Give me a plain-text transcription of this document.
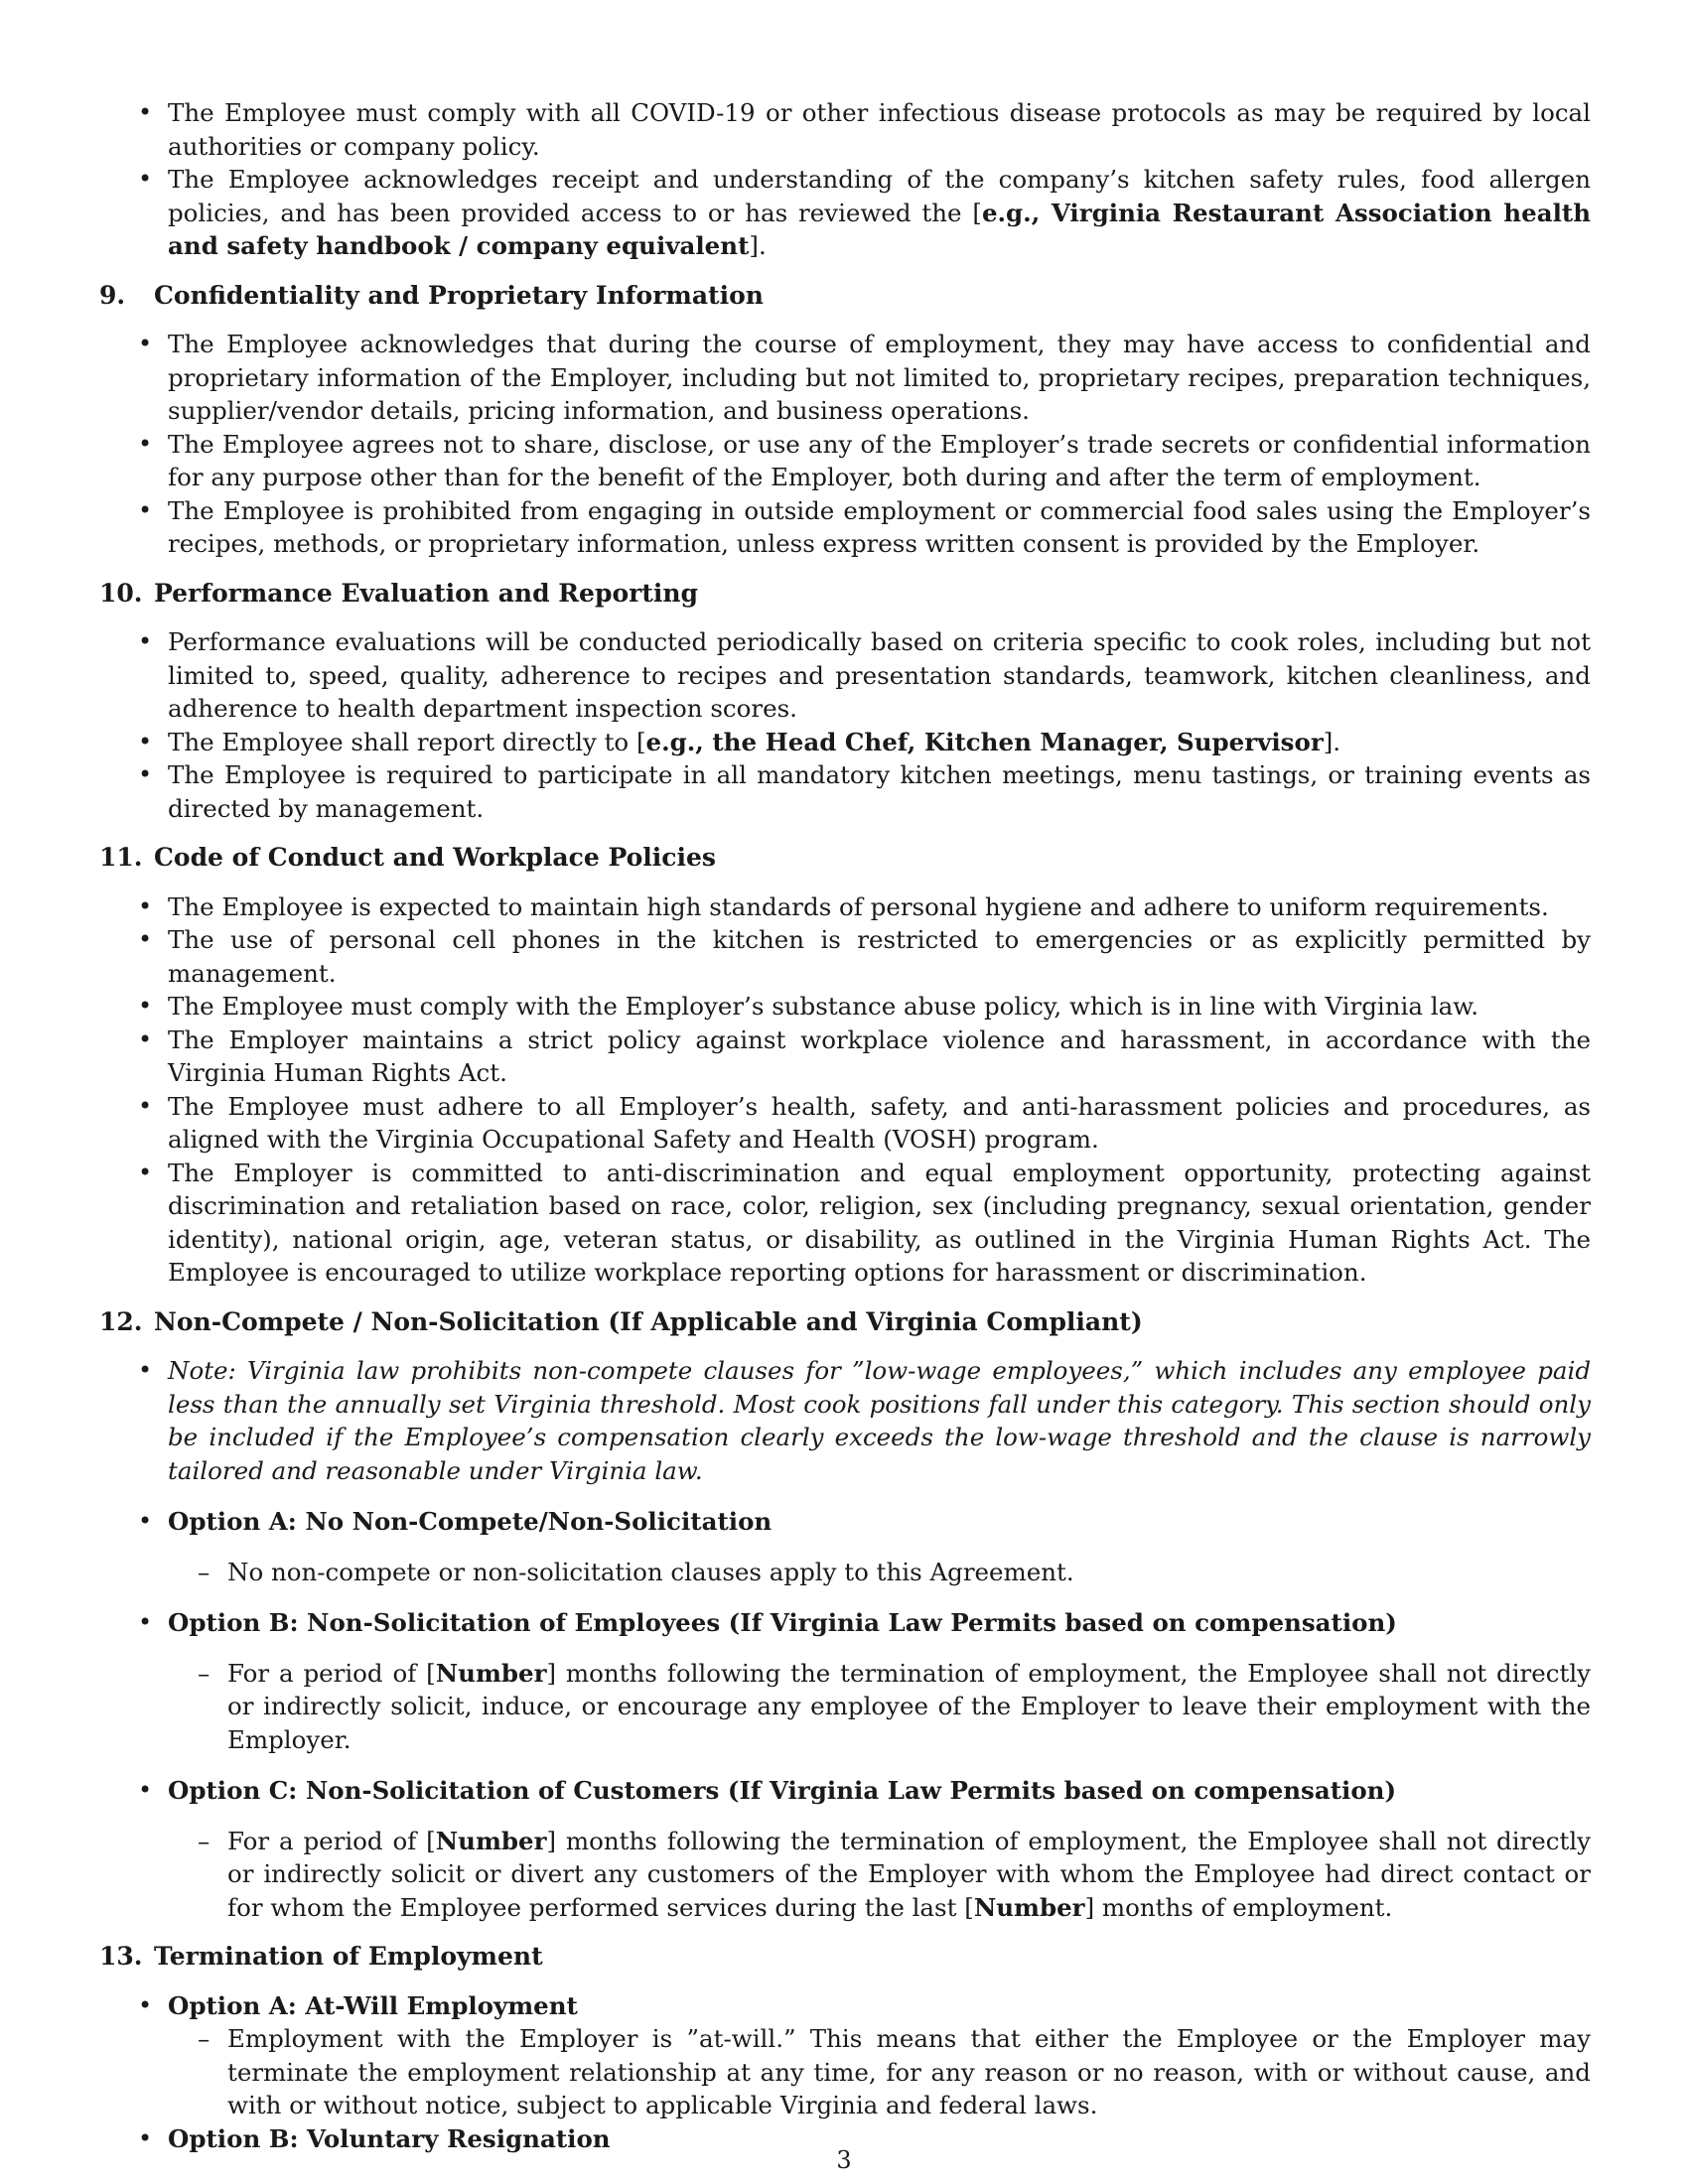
• The Employee must comply with all COVID-19 or other infectious disease protocols as may be required by local authorities or company policy.
• The Employee acknowledges receipt and understanding of the company’s kitchen safety rules, food allergen policies, and has been provided access to or has reviewed the [e.g., Virginia Restaurant Association health and safety handbook / company equivalent].
9. Confidentiality and Proprietary Information
• The Employee acknowledges that during the course of employment, they may have access to confidential and proprietary information of the Employer, including but not limited to, proprietary recipes, preparation techniques, supplier/vendor details, pricing information, and business operations.
• The Employee agrees not to share, disclose, or use any of the Employer’s trade secrets or confidential information for any purpose other than for the benefit of the Employer, both during and after the term of employment.
• The Employee is prohibited from engaging in outside employment or commercial food sales using the Employer’s recipes, methods, or proprietary information, unless express written consent is provided by the Employer.
10. Performance Evaluation and Reporting
• Performance evaluations will be conducted periodically based on criteria specific to cook roles, including but not limited to, speed, quality, adherence to recipes and presentation standards, teamwork, kitchen cleanliness, and adherence to health department inspection scores.
• The Employee shall report directly to [e.g., the Head Chef, Kitchen Manager, Supervisor].
• The Employee is required to participate in all mandatory kitchen meetings, menu tastings, or training events as directed by management.
11. Code of Conduct and Workplace Policies
• The Employee is expected to maintain high standards of personal hygiene and adhere to uniform requirements.
• The use of personal cell phones in the kitchen is restricted to emergencies or as explicitly permitted by management.
• The Employee must comply with the Employer’s substance abuse policy, which is in line with Virginia law.
• The Employer maintains a strict policy against workplace violence and harassment, in accordance with the Virginia Human Rights Act.
• The Employee must adhere to all Employer’s health, safety, and anti-harassment policies and procedures, as aligned with the Virginia Occupational Safety and Health (VOSH) program.
• The Employer is committed to anti-discrimination and equal employment opportunity, protecting against discrimination and retaliation based on race, color, religion, sex (including pregnancy, sexual orientation, gender identity), national origin, age, veteran status, or disability, as outlined in the Virginia Human Rights Act. The Employee is encouraged to utilize workplace reporting options for harassment or discrimination.
12. Non-Compete / Non-Solicitation (If Applicable and Virginia Compliant)
• Note: Virginia law prohibits non-compete clauses for ”low-wage employees,” which includes any employee paid less than the annually set Virginia threshold. Most cook positions fall under this category. This section should only be included if the Employee’s compensation clearly exceeds the low-wage threshold and the clause is narrowly tailored and reasonable under Virginia law.
• Option A: No Non-Compete/Non-Solicitation
– No non-compete or non-solicitation clauses apply to this Agreement.
• Option B: Non-Solicitation of Employees (If Virginia Law Permits based on compensation)
– For a period of [Number] months following the termination of employment, the Employee shall not directly or indirectly solicit, induce, or encourage any employee of the Employer to leave their employment with the Employer.
• Option C: Non-Solicitation of Customers (If Virginia Law Permits based on compensation)
– For a period of [Number] months following the termination of employment, the Employee shall not directly or indirectly solicit or divert any customers of the Employer with whom the Employee had direct contact or for whom the Employee performed services during the last [Number] months of employment.
13. Termination of Employment
• Option A: At-Will Employment
– Employment with the Employer is ”at-will.” This means that either the Employee or the Employer may terminate the employment relationship at any time, for any reason or no reason, with or without cause, and with or without notice, subject to applicable Virginia and federal laws.
• Option B: Voluntary Resignation
3
